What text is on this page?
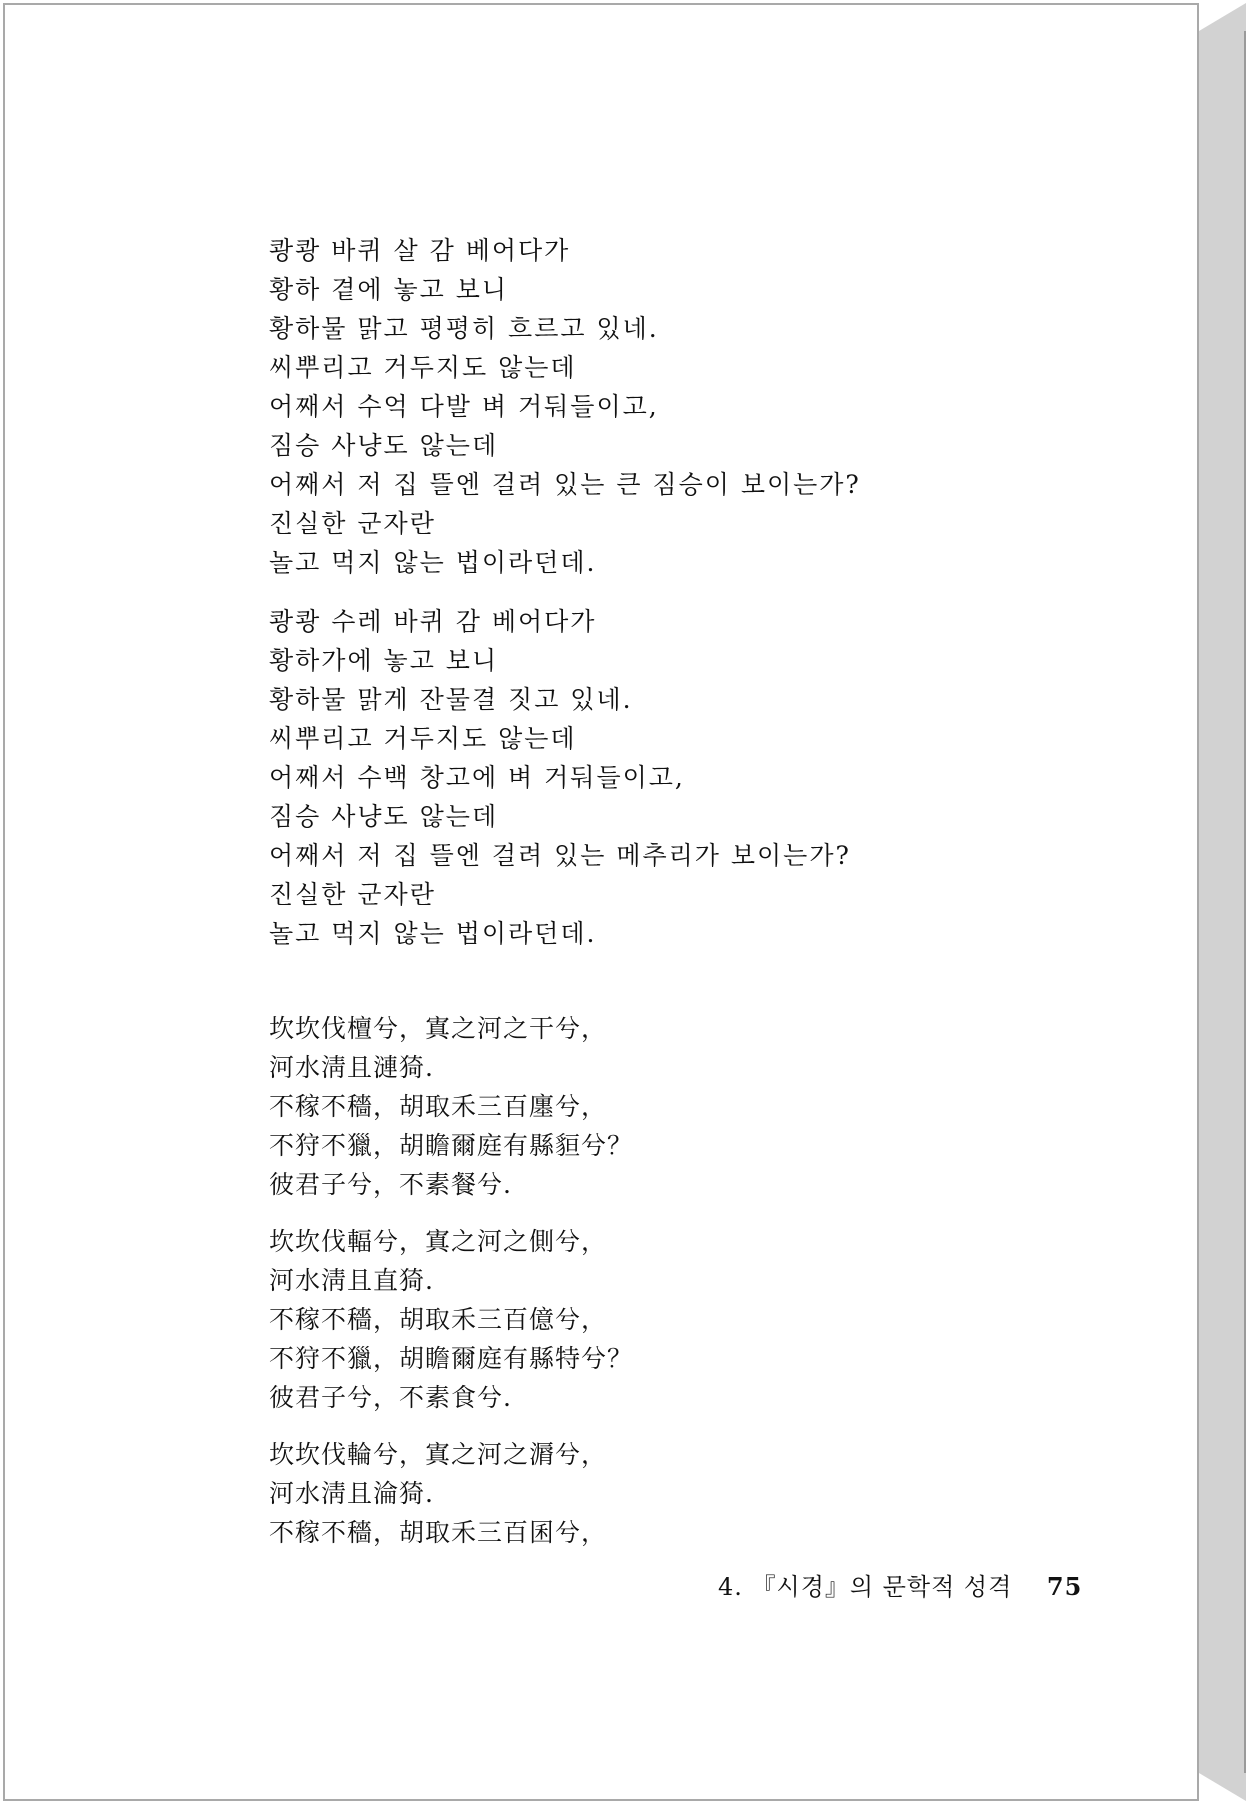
쾅쾅 바퀴 살 감 베어다가
황하 곁에 놓고 보니
황하물 맑고 평평히 흐르고 있네.
씨뿌리고 거두지도 않는데
어째서 수억 다발 벼 거둬들이고,
짐승 사냥도 않는데
어째서 저 집 뜰엔 걸려 있는 큰 짐승이 보이는가?
진실한 군자란
놀고 먹지 않는 법이라던데.
쾅쾅 수레 바퀴 감 베어다가
황하가에 놓고 보니
황하물 맑게 잔물결 짓고 있네.
씨뿌리고 거두지도 않는데
어째서 수백 창고에 벼 거둬들이고,
짐승 사냥도 않는데
어째서 저 집 뜰엔 걸려 있는 메추리가 보이는가?
진실한 군자란
놀고 먹지 않는 법이라던데.
坎坎伐檀兮，寘之河之干兮，
河水淸且漣猗.
不稼不穡，胡取禾三百廛兮，
不狩不獵，胡瞻爾庭有縣貆兮？
彼君子兮，不素餐兮.
坎坎伐輻兮，寘之河之側兮，
河水淸且直猗.
不稼不穡，胡取禾三百億兮，
不狩不獵，胡瞻爾庭有縣特兮？
彼君子兮，不素食兮.
坎坎伐輪兮，寘之河之漘兮，
河水淸且淪猗.
不稼不穡，胡取禾三百囷兮，
4. 『시경』의 문학적 성격 75
